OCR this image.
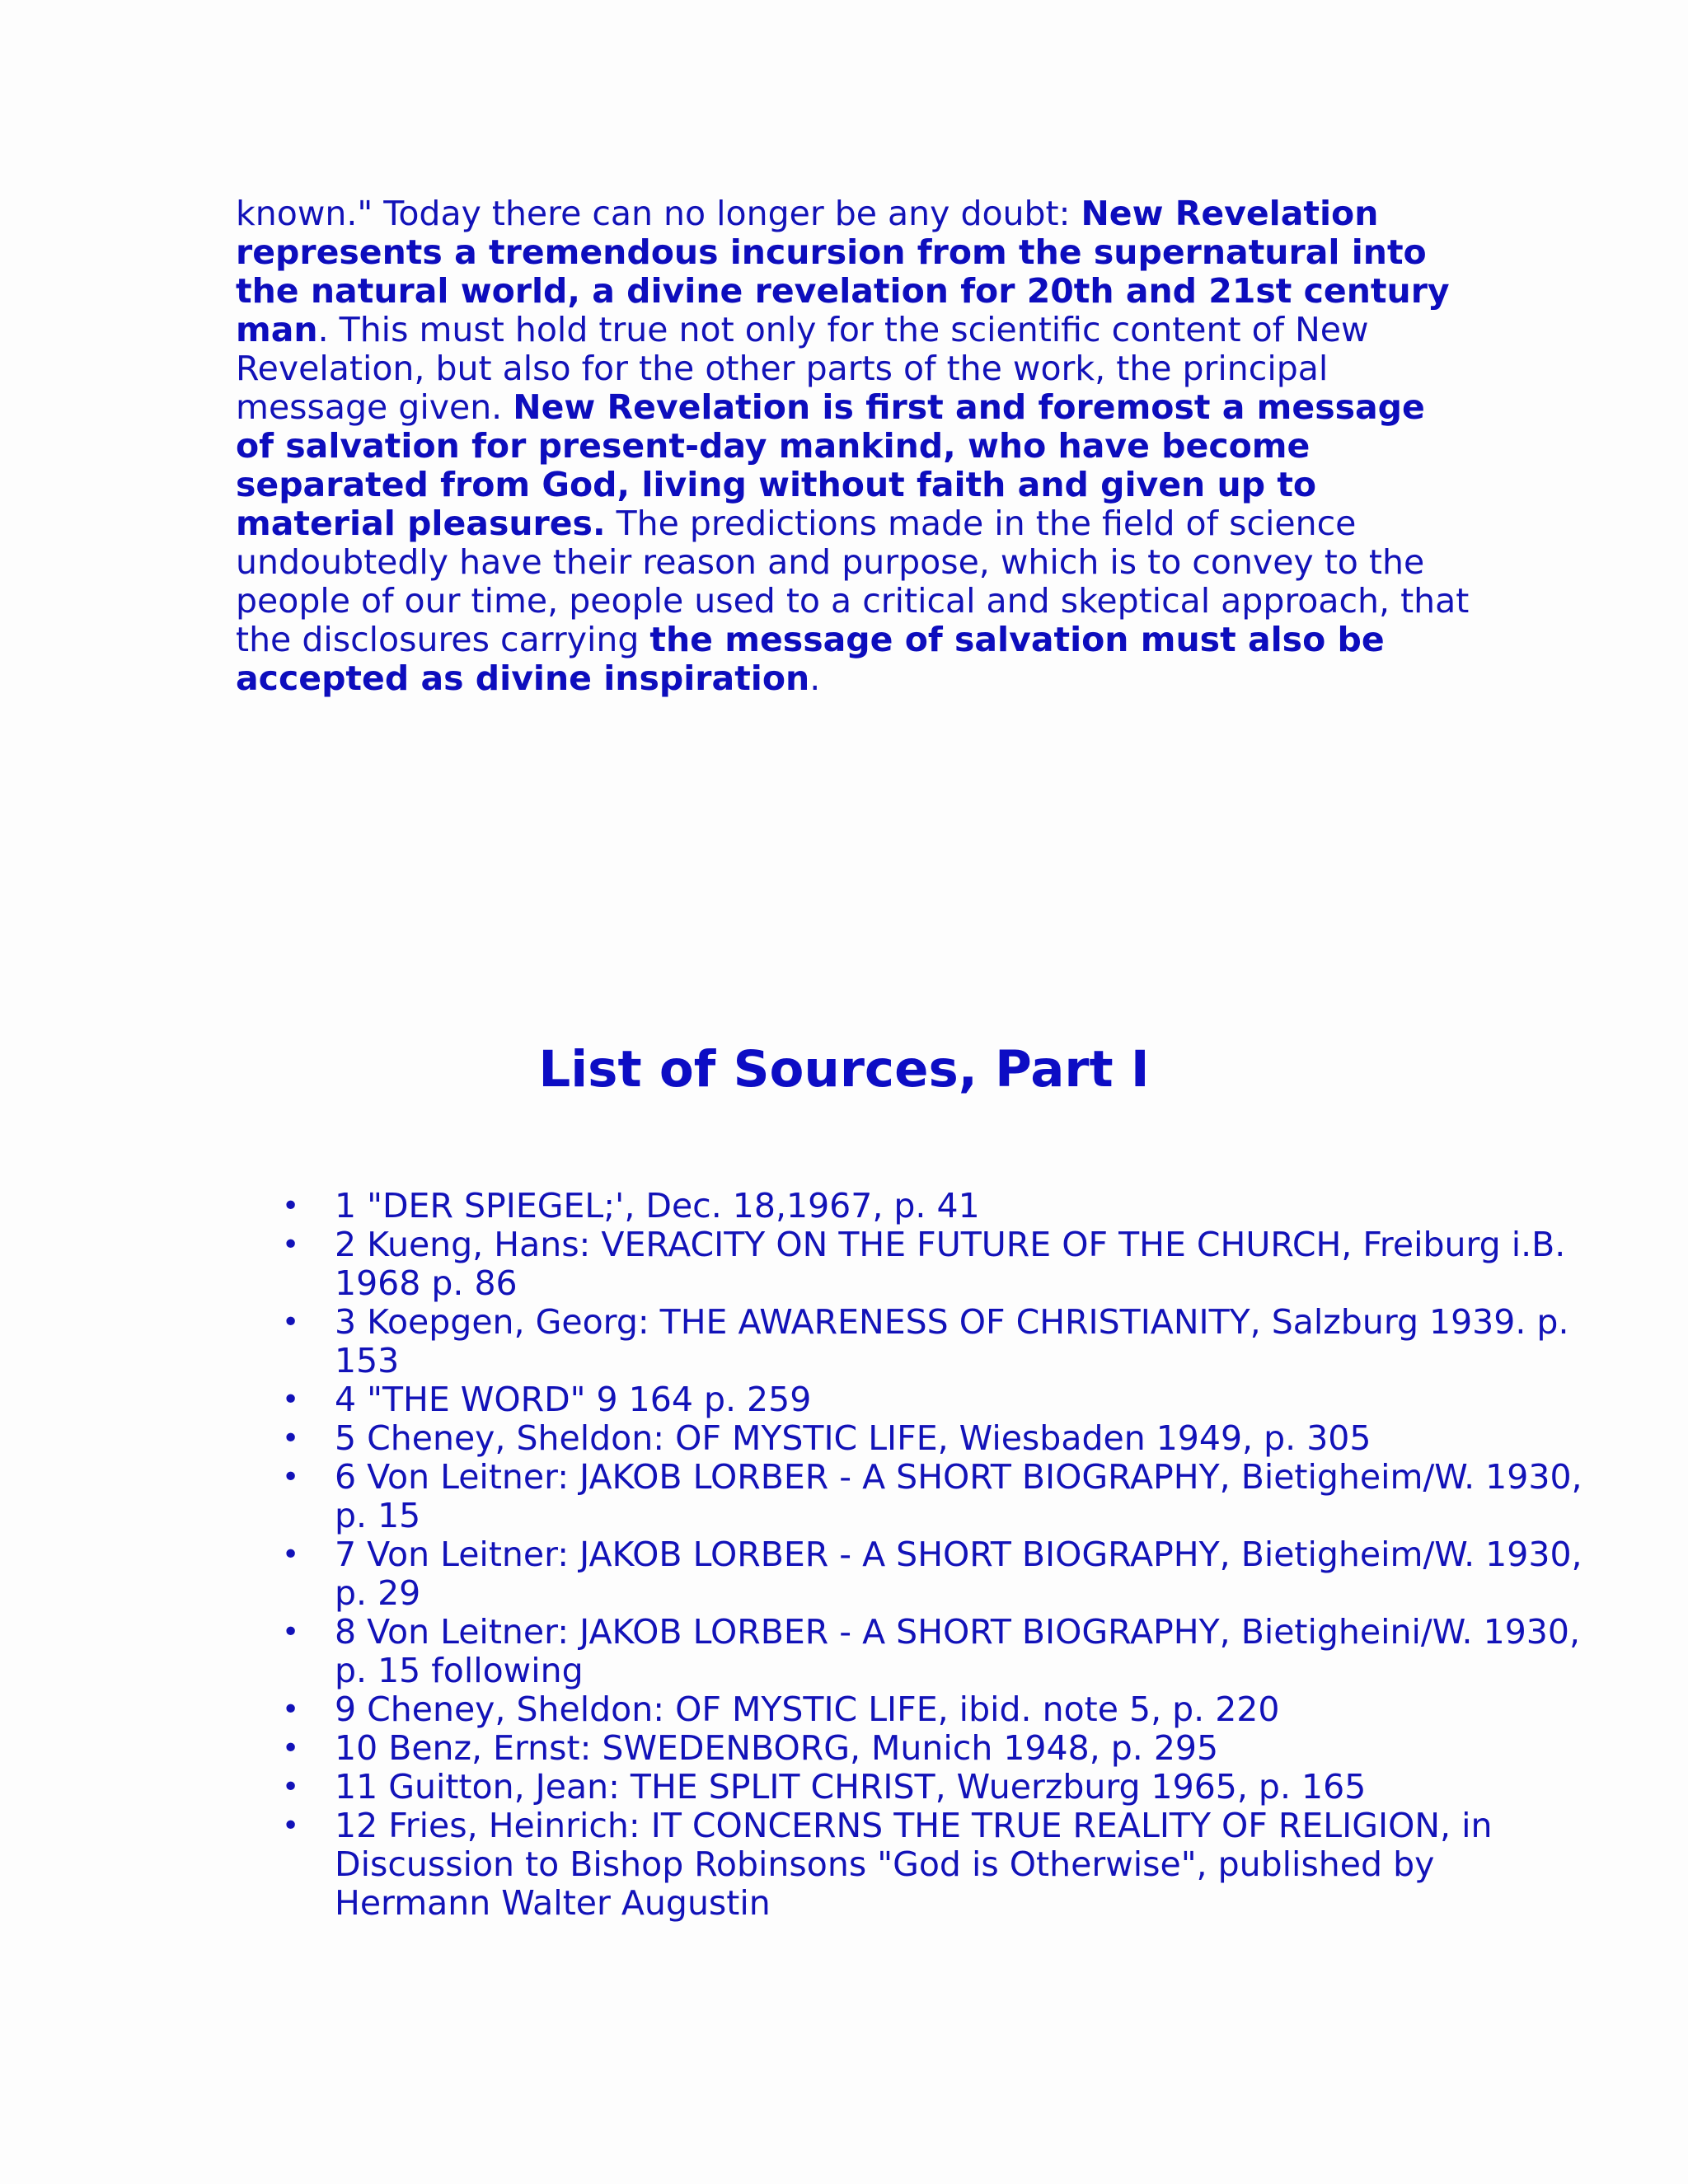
known." Today there can no longer be any doubt: New Revelation represents a tremendous incursion from the supernatural into the natural world, a divine revelation for 20th and 21st century man. This must hold true not only for the scientific content of New Revelation, but also for the other parts of the work, the principal message given. New Revelation is first and foremost a message of salvation for present-day mankind, who have become separated from God, living without faith and given up to material pleasures. The predictions made in the field of science undoubtedly have their reason and purpose, which is to convey to the people of our time, people used to a critical and skeptical approach, that the disclosures carrying the message of salvation must also be accepted as divine inspiration.

List of Sources, Part I
• 1 "DER SPIEGEL;', Dec. 18,1967, p. 41
• 2 Kueng, Hans: VERACITY ON THE FUTURE OF THE CHURCH, Freiburg i.B. 1968 p. 86
• 3 Koepgen, Georg: THE AWARENESS OF CHRISTIANITY, Salzburg 1939. p. 153
• 4 "THE WORD" 9 164 p. 259
• 5 Cheney, Sheldon: OF MYSTIC LIFE, Wiesbaden 1949, p. 305
• 6 Von Leitner: JAKOB LORBER - A SHORT BIOGRAPHY, Bietigheim/W. 1930, p. 15
• 7 Von Leitner: JAKOB LORBER - A SHORT BIOGRAPHY, Bietigheim/W. 1930, p. 29
• 8 Von Leitner: JAKOB LORBER - A SHORT BIOGRAPHY, Bietigheini/W. 1930, p. 15 following
• 9 Cheney, Sheldon: OF MYSTIC LIFE, ibid. note 5, p. 220
• 10 Benz, Ernst: SWEDENBORG, Munich 1948, p. 295
• 11 Guitton, Jean: THE SPLIT CHRIST, Wuerzburg 1965, p. 165
• 12 Fries, Heinrich: IT CONCERNS THE TRUE REALITY OF RELIGION, in Discussion to Bishop Robinsons "God is Otherwise", published by Hermann Walter Augustin
